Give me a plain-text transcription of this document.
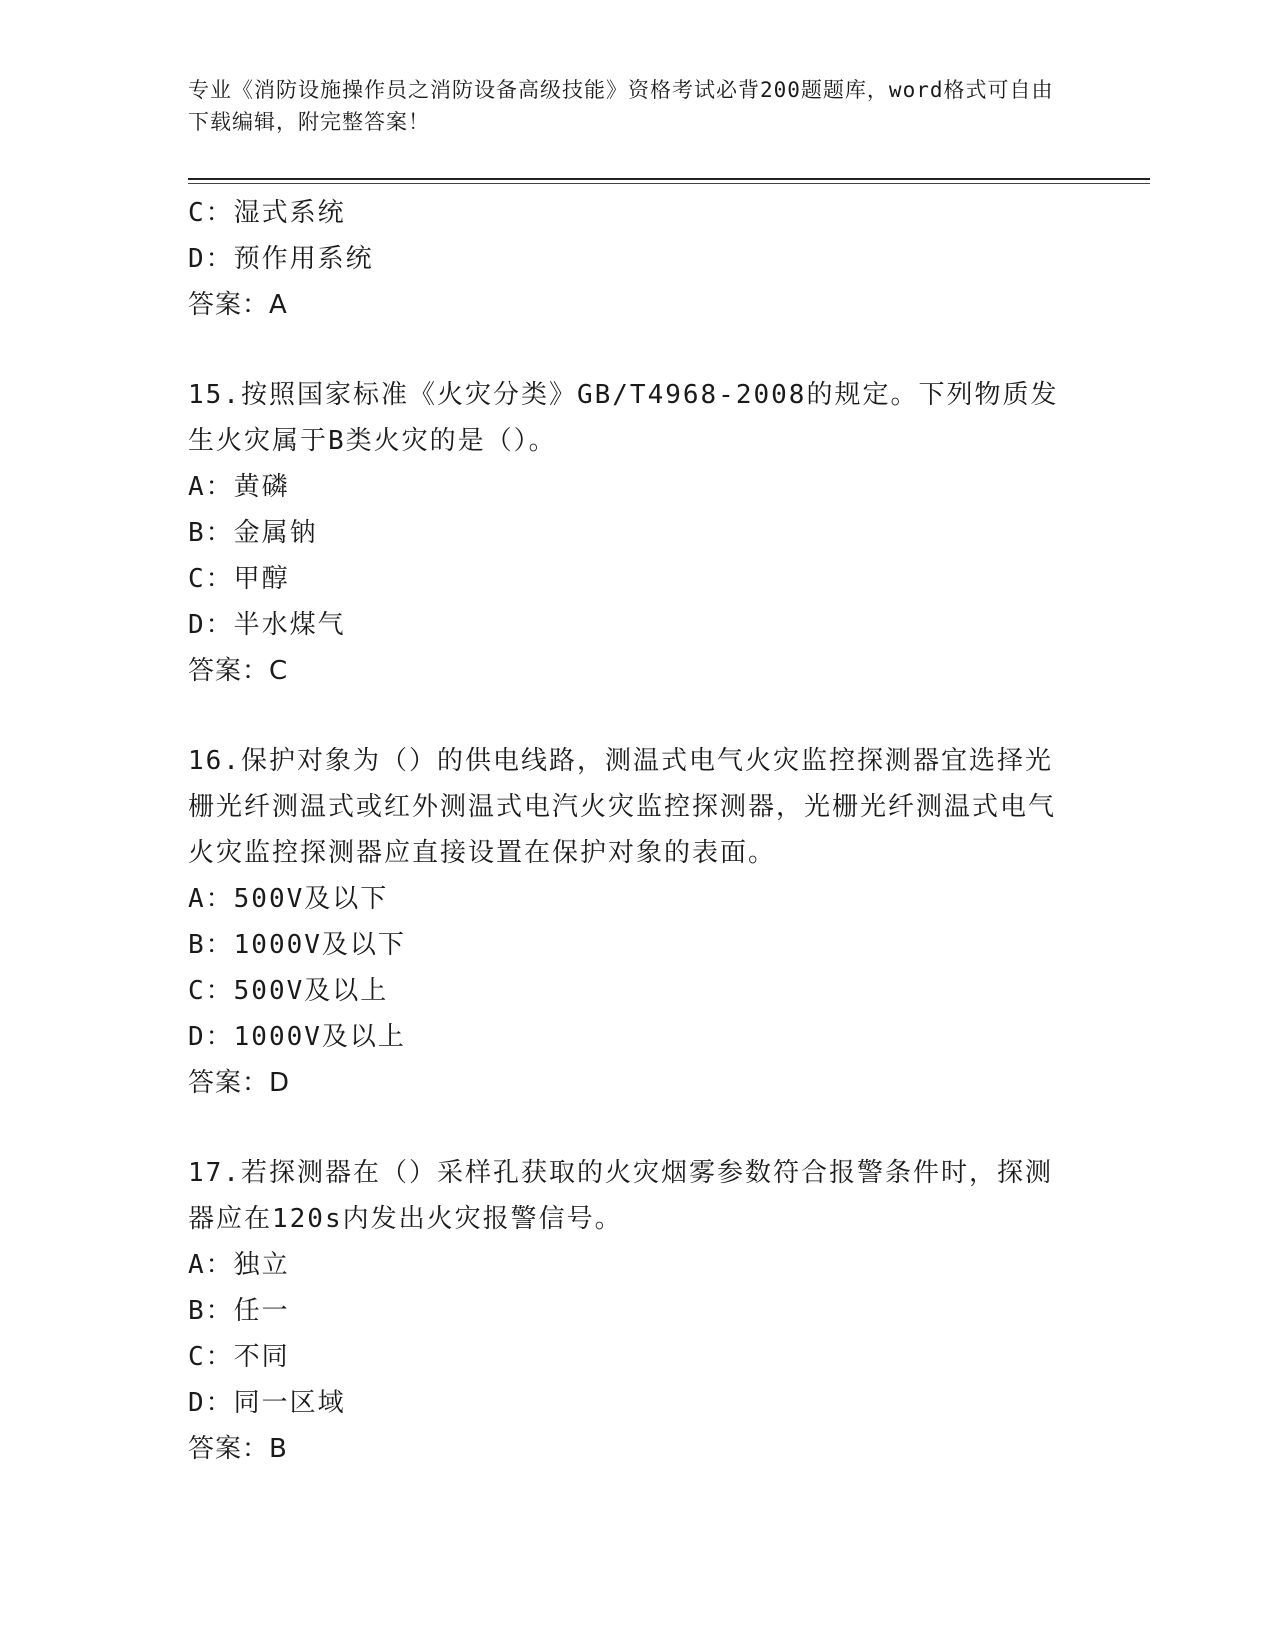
专业《消防设施操作员之消防设备高级技能》资格考试必背200题题库，word格式可自由下载编辑，附完整答案！
C：湿式系统
D：预作用系统
答案：A
15.按照国家标准《火灾分类》GB/T4968-2008的规定。下列物质发生火灾属于B类火灾的是（）。
A：黄磷
B：金属钠
C：甲醇
D：半水煤气
答案：C
16.保护对象为（）的供电线路，测温式电气火灾监控探测器宜选择光栅光纤测温式或红外测温式电汽火灾监控探测器，光栅光纤测温式电气火灾监控探测器应直接设置在保护对象的表面。
A：500V及以下
B：1000V及以下
C：500V及以上
D：1000V及以上
答案：D
17.若探测器在（）采样孔获取的火灾烟雾参数符合报警条件时，探测器应在120s内发出火灾报警信号。
A：独立
B：任一
C：不同
D：同一区域
答案：B
